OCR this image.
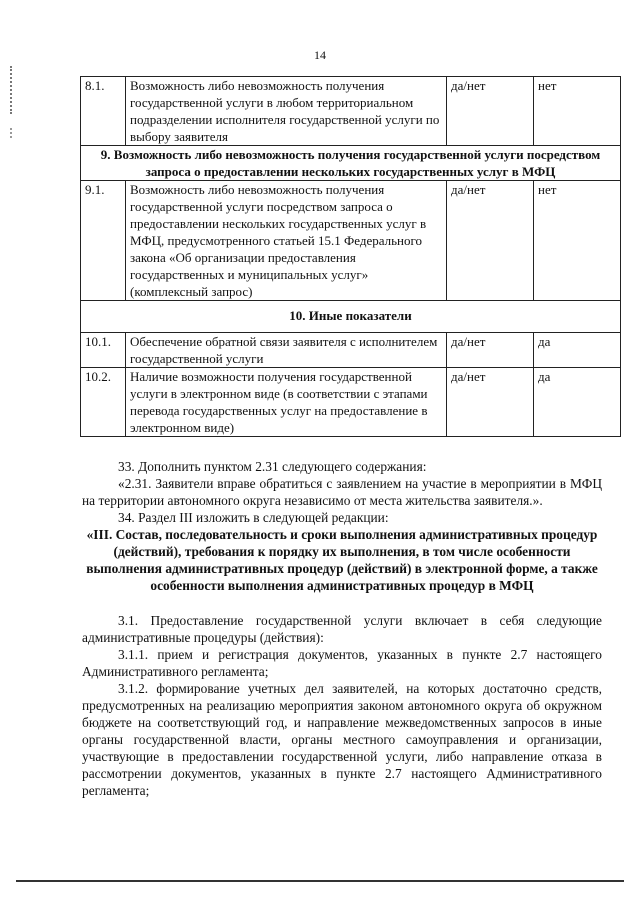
14
8.1.	Возможность либо невозможность получения государственной услуги в любом территориальном подразделении исполнителя государственной услуги по выбору заявителя	да/нет	нет
9. Возможность либо невозможность получения государственной услуги посредством запроса о предоставлении нескольких государственных услуг в МФЦ			
9.1.	Возможность либо невозможность получения государственной услуги посредством запроса о предоставлении нескольких государственных услуг в МФЦ, предусмотренного статьей 15.1 Федерального закона «Об организации предоставления государственных и муниципальных услуг» (комплексный запрос)	да/нет	нет
10. Иные показатели			
10.1.	Обеспечение обратной связи заявителя с исполнителем государственной услуги	да/нет	да
10.2.	Наличие возможности получения государственной услуги в электронном виде (в соответствии с этапами перевода государственных услуг на предоставление в электронном виде)	да/нет	да

33. Дополнить пунктом 2.31 следующего содержания:

«2.31. Заявители вправе обратиться с заявлением на участие в мероприятии в МФЦ на территории автономного округа независимо от места жительства заявителя.».

34. Раздел III изложить в следующей редакции:

«III. Состав, последовательность и сроки выполнения административных процедур (действий), требования к порядку их выполнения, в том числе особенности выполнения административных процедур (действий) в электронной форме, а также особенности выполнения административных процедур в МФЦ

3.1. Предоставление государственной услуги включает в себя следующие административные процедуры (действия):

3.1.1. прием и регистрация документов, указанных в пункте 2.7 настоящего Административного регламента;

3.1.2. формирование учетных дел заявителей, на которых достаточно средств, предусмотренных на реализацию мероприятия законом автономного округа об окружном бюджете на соответствующий год, и направление межведомственных запросов в иные органы государственной власти, органы местного самоуправления и организации, участвующие в предоставлении государственной услуги, либо направление отказа в рассмотрении документов, указанных в пункте 2.7 настоящего Административного регламента;
